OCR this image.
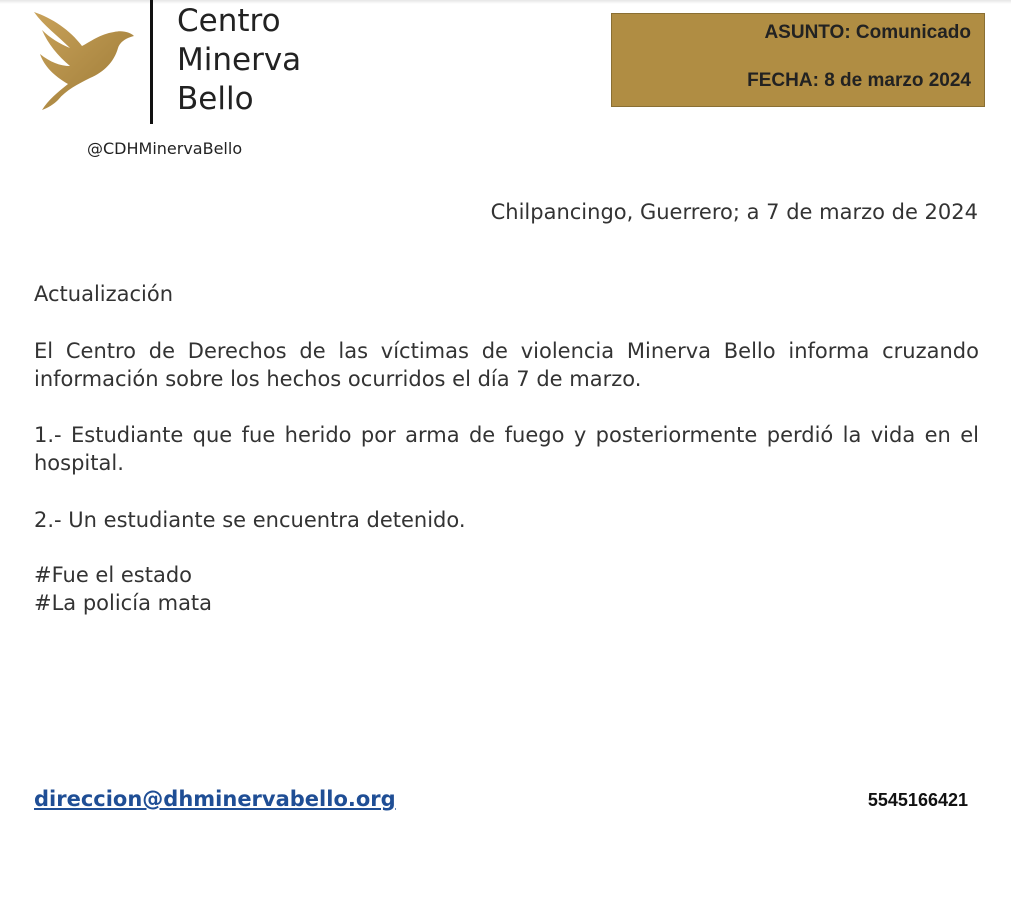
Centro
Minerva
Bello
@CDHMinervaBello
ASUNTO: Comunicado
FECHA: 8 de marzo 2024
Chilpancingo, Guerrero; a 7 de marzo de 2024
Actualización
El Centro de Derechos de las víctimas de violencia Minerva Bello informa cruzando información sobre los hechos ocurridos el día 7 de marzo.
1.- Estudiante que fue herido por arma de fuego y posteriormente perdió la vida en el hospital.
2.- Un estudiante se encuentra detenido.
#Fue el estado
#La policía mata
direccion@dhminervabello.org	5545166421
